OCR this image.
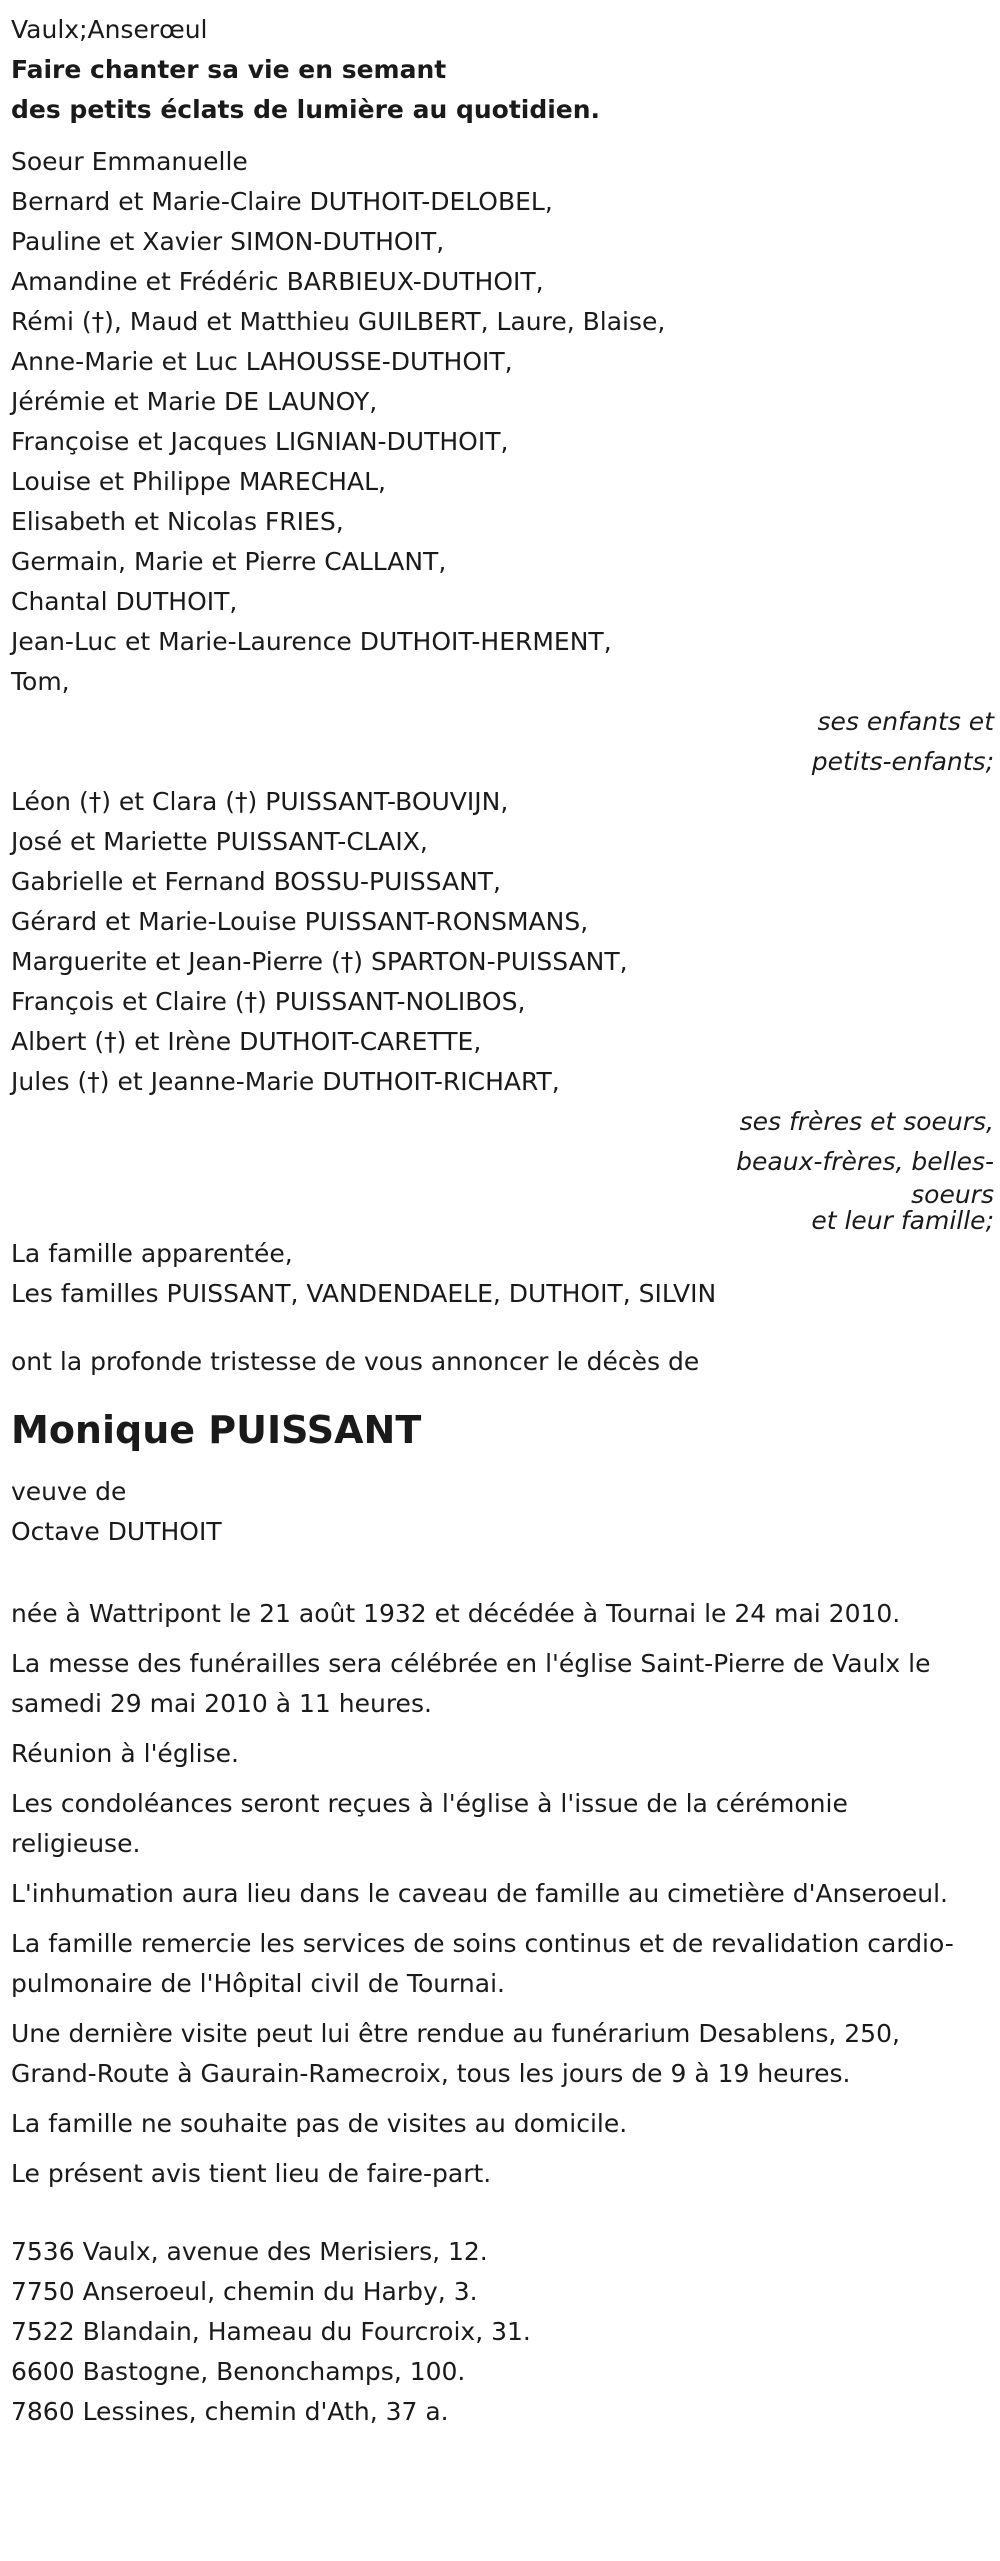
Vaulx;Anserœul
Faire chanter sa vie en semant
des petits éclats de lumière au quotidien.
Soeur Emmanuelle
Bernard et Marie-Claire DUTHOIT-DELOBEL,
Pauline et Xavier SIMON-DUTHOIT,
Amandine et Frédéric BARBIEUX-DUTHOIT,
Rémi (†), Maud et Matthieu GUILBERT, Laure, Blaise,
Anne-Marie et Luc LAHOUSSE-DUTHOIT,
Jérémie et Marie DE LAUNOY,
Françoise et Jacques LIGNIAN-DUTHOIT,
Louise et Philippe MARECHAL,
Elisabeth et Nicolas FRIES,
Germain, Marie et Pierre CALLANT,
Chantal DUTHOIT,
Jean-Luc et Marie-Laurence DUTHOIT-HERMENT,
Tom,
ses enfants et
petits-enfants;
Léon (†) et Clara (†) PUISSANT-BOUVIJN,
José et Mariette PUISSANT-CLAIX,
Gabrielle et Fernand BOSSU-PUISSANT,
Gérard et Marie-Louise PUISSANT-RONSMANS,
Marguerite et Jean-Pierre (†) SPARTON-PUISSANT,
François et Claire (†) PUISSANT-NOLIBOS,
Albert (†) et Irène DUTHOIT-CARETTE,
Jules (†) et Jeanne-Marie DUTHOIT-RICHART,
ses frères et soeurs,
beaux-frères, belles-
soeurs
et leur famille;
La famille apparentée,
Les familles PUISSANT, VANDENDAELE, DUTHOIT, SILVIN
ont la profonde tristesse de vous annoncer le décès de
Monique PUISSANT
veuve de
Octave DUTHOIT
née à Wattripont le 21 août 1932 et décédée à Tournai le 24 mai 2010.
La messe des funérailles sera célébrée en l'église Saint-Pierre de Vaulx le samedi 29 mai 2010 à 11 heures.
Réunion à l'église.
Les condoléances seront reçues à l'église à l'issue de la cérémonie religieuse.
L'inhumation aura lieu dans le caveau de famille au cimetière d'Anseroeul.
La famille remercie les services de soins continus et de revalidation cardio-pulmonaire de l'Hôpital civil de Tournai.
Une dernière visite peut lui être rendue au funérarium Desablens, 250, Grand-Route à Gaurain-Ramecroix, tous les jours de 9 à 19 heures.
La famille ne souhaite pas de visites au domicile.
Le présent avis tient lieu de faire-part.
7536 Vaulx, avenue des Merisiers, 12.
7750 Anseroeul, chemin du Harby, 3.
7522 Blandain, Hameau du Fourcroix, 31.
6600 Bastogne, Benonchamps, 100.
7860 Lessines, chemin d'Ath, 37 a.
